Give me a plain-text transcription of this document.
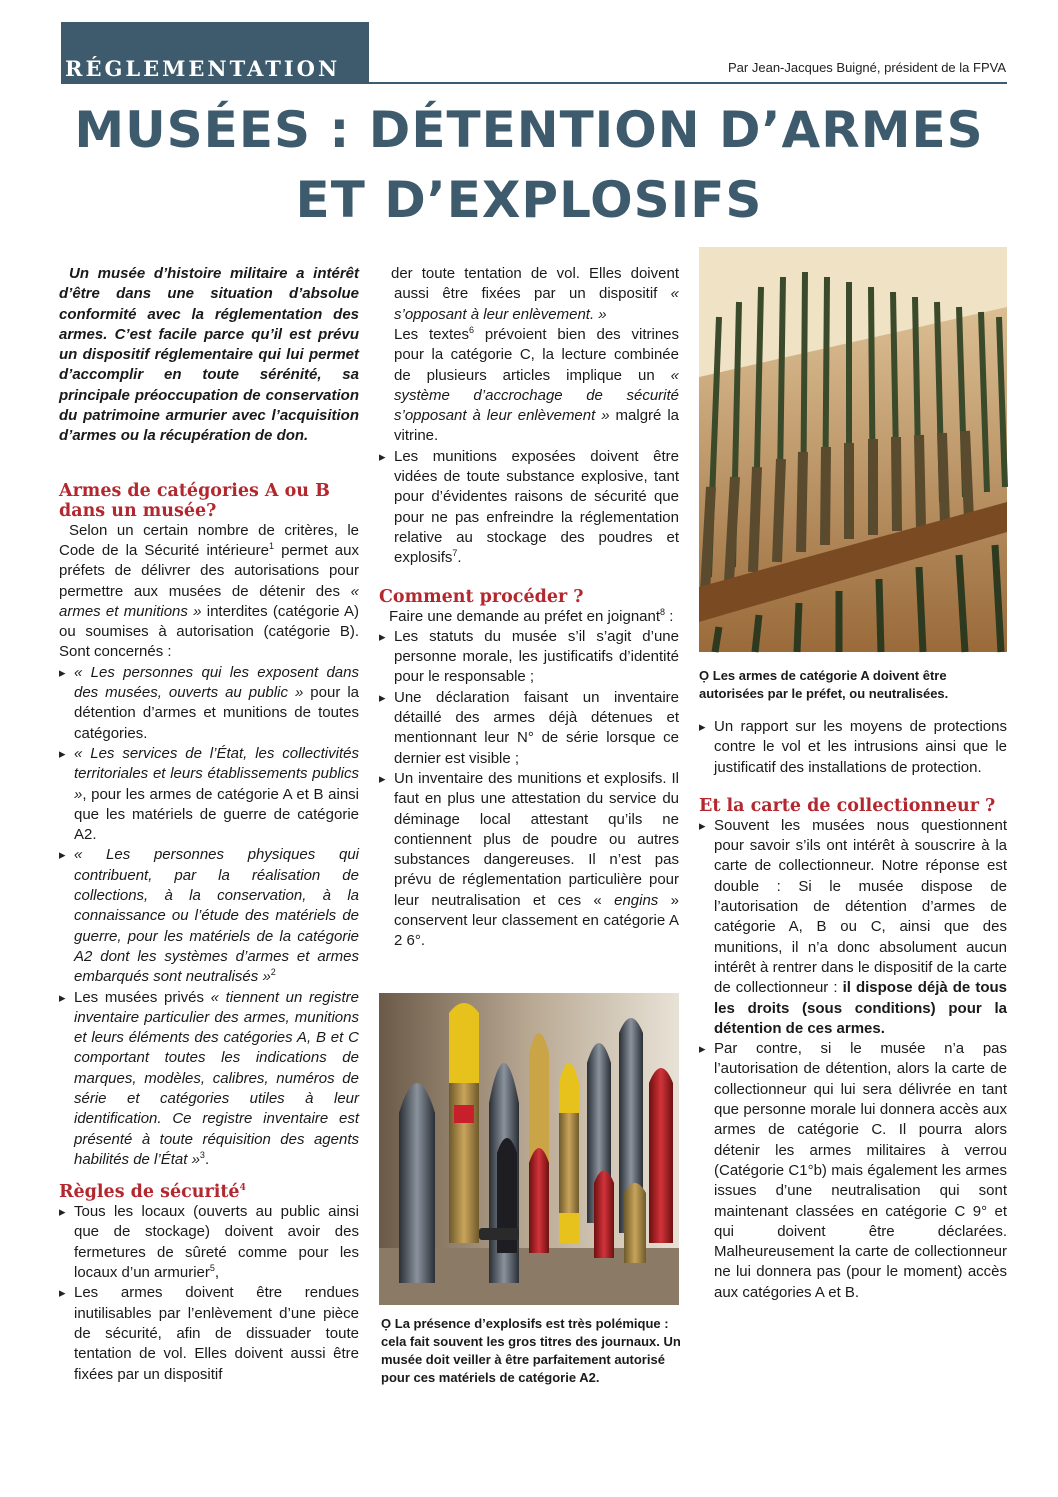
RÉGLEMENTATION	Par Jean-Jacques Buigné, président de la FPVA
MUSÉES : DÉTENTION D’ARMES
ET D’EXPLOSIFS

Un musée d’histoire militaire a intérêt d’être dans une situation d’absolue conformité avec la réglementation des armes. C’est facile parce qu’il est prévu un dispositif réglementaire qui lui permet d’accomplir en toute sérénité, sa principale préoccupation de conservation du patrimoine armurier avec l’acquisition d’armes ou la récupération de don.

Armes de catégories A ou B dans un musée?

Selon un certain nombre de critères, le Code de la Sécurité intérieure$^1$ permet aux préfets de délivrer des autorisations pour permettre aux musées de détenir des « armes et munitions » interdites (catégorie A) ou soumises à autorisation (catégorie B). Sont concernés :

▸ « Les personnes qui les exposent dans des musées, ouverts au public » pour la détention d’armes et munitions de toutes catégories.
▸ « Les services de l’État, les collectivités territoriales et leurs établissements publics », pour les armes de catégorie A et B ainsi que les matériels de guerre de catégorie A2.
▸ « Les personnes physiques qui contribuent, par la réalisation de collections, à la conservation, à la connaissance ou l’étude des matériels de guerre, pour les matériels de la catégorie A2 dont les systèmes d’armes et armes embarqués sont neutralisés »$^2$
▸ Les musées privés « tiennent un registre inventaire particulier des armes, munitions et leurs éléments des catégories A, B et C comportant toutes les indications de marques, modèles, calibres, numéros de série et catégories utiles à leur identification. Ce registre inventaire est présenté à toute réquisition des agents habilités de l’État »$^3$.
Règles de sécurité$^4$
▸ Tous les locaux (ouverts au public ainsi que de stockage) doivent avoir des fermetures de sûreté comme pour les locaux d’un armurier$^5$,
▸ Les armes doivent être rendues inutilisables par l’enlèvement d’une pièce de sécurité, afin de dissuader toute tentation de vol. Elles doivent aussi être fixées par un dispositif
der toute tentation de vol. Elles doivent aussi être fixées par un dispositif « s’opposant à leur enlèvement. »

Les textes$^6$ prévoient bien des vitrines pour la catégorie C, la lecture combinée de plusieurs articles implique un « système d’accrochage de sécurité s’opposant à leur enlèvement » malgré la vitrine.

▸ Les munitions exposées doivent être vidées de toute substance explosive, tant pour d’évidentes raisons de sécurité que pour ne pas enfreindre la réglementation relative au stockage des poudres et explosifs$^7$.
Comment procéder ?

Faire une demande au préfet en joignant$^8$ :

▸ Les statuts du musée s’il s’agit d’une personne morale, les justificatifs d’identité pour le responsable ;
▸ Une déclaration faisant un inventaire détaillé des armes déjà détenues et mentionnant leur N° de série lorsque ce dernier est visible ;
▸ Un inventaire des munitions et explosifs. Il faut en plus une attestation du service du déminage local attestant qu’ils ne contiennent plus de poudre ou autres substances dangereuses. Il n’est pas prévu de réglementation particulière pour leur neutralisation et ces « engins » conservent leur classement en catégorie A 2 6°.
Ọ La présence d’explosifs est très polémique : cela fait souvent les gros titres des journaux. Un musée doit veiller à être parfaitement autorisé pour ces matériels de catégorie A2.

Ọ Les armes de catégorie A doivent être autorisées par le préfet, ou neutralisées.

▸ Un rapport sur les moyens de protections contre le vol et les intrusions ainsi que le justificatif des installations de protection.
Et la carte de collectionneur ?
▸ Souvent les musées nous questionnent pour savoir s’ils ont intérêt à souscrire à la carte de collectionneur. Notre réponse est double : Si le musée dispose de l’autorisation de détention d’armes de catégorie A, B ou C, ainsi que des munitions, il n’a donc absolument aucun intérêt à rentrer dans le dispositif de la carte de collectionneur : il dispose déjà de tous les droits (sous conditions) pour la détention de ces armes.
▸ Par contre, si le musée n’a pas l’autorisation de détention, alors la carte de collectionneur qui lui sera délivrée en tant que personne morale lui donnera accès aux armes de catégorie C. Il pourra alors détenir les armes militaires à verrou (Catégorie C1°b) mais également les armes issues d’une neutralisation qui sont maintenant classées en catégorie C 9° et qui doivent être déclarées. Malheureusement la carte de collectionneur ne lui donnera pas (pour le moment) accès aux catégories A et B.
